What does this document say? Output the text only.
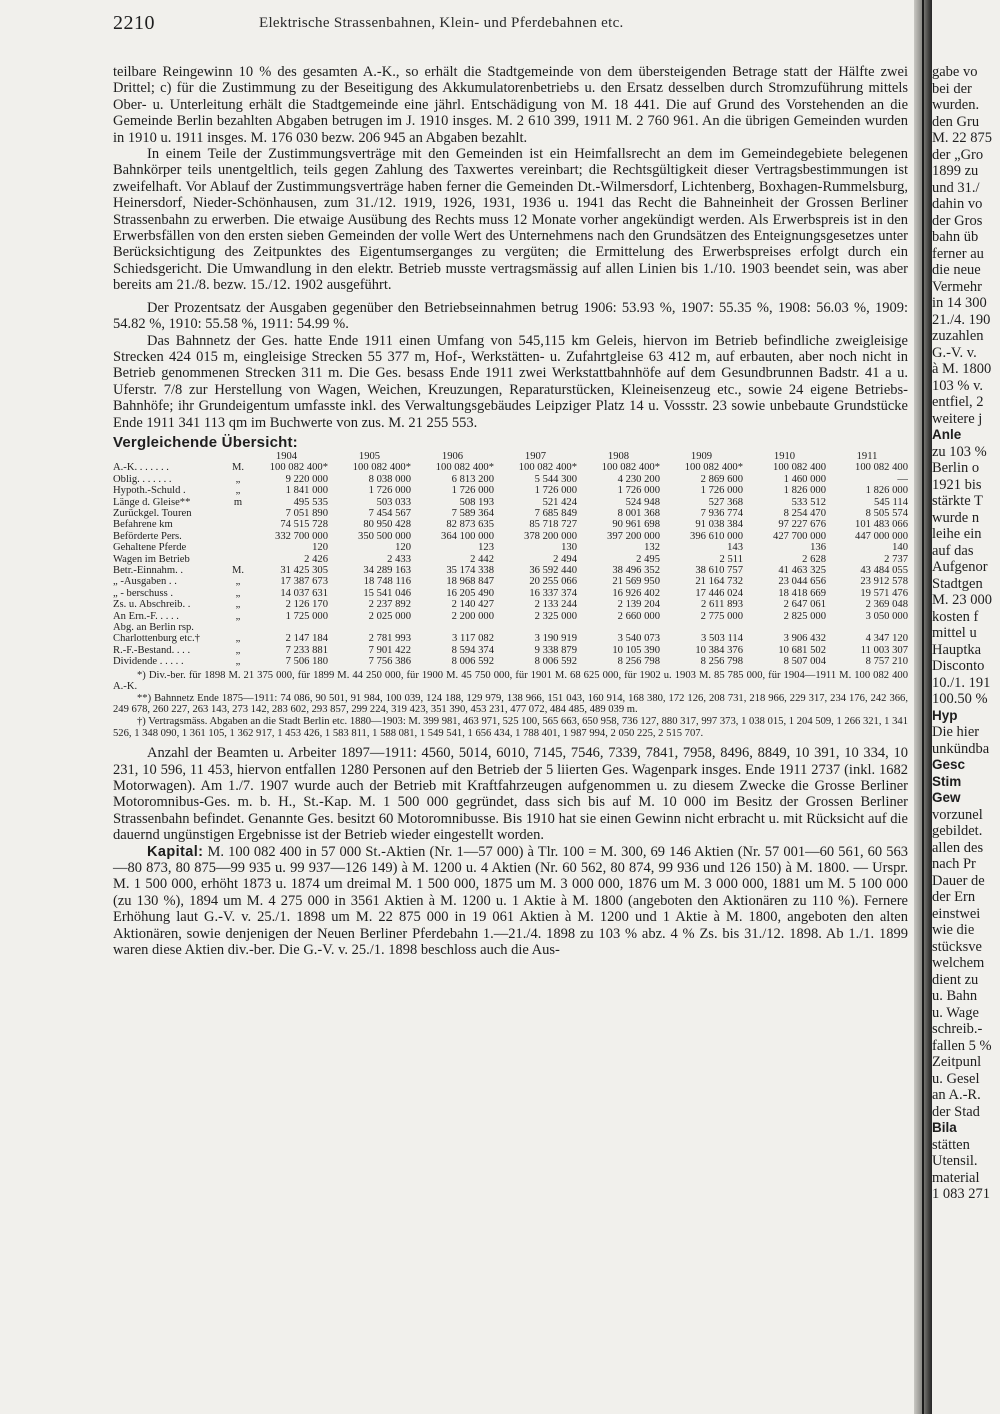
2210	Elektrische Strassenbahnen, Klein- und Pferdebahnen etc.

teilbare Reingewinn 10 % des gesamten A.-K., so erhält die Stadtgemeinde von dem übersteigenden Betrage statt der Hälfte zwei Drittel; c) für die Zustimmung zu der Beseitigung des Akkumulatorenbetriebs u. den Ersatz desselben durch Stromzuführung mittels Ober- u. Unterleitung erhält die Stadtgemeinde eine jährl. Entschädigung von M. 18 441. Die auf Grund des Vorstehenden an die Gemeinde Berlin bezahlten Abgaben betrugen im J. 1910 insges. M. 2 610 399, 1911 M. 2 760 961. An die übrigen Gemeinden wurden in 1910 u. 1911 insges. M. 176 030 bezw. 206 945 an Abgaben bezahlt.

In einem Teile der Zustimmungsverträge mit den Gemeinden ist ein Heimfallsrecht an dem im Gemeindegebiete belegenen Bahnkörper teils unentgeltlich, teils gegen Zahlung des Taxwertes vereinbart; die Rechtsgültigkeit dieser Vertragsbestimmungen ist zweifelhaft. Vor Ablauf der Zustimmungsverträge haben ferner die Gemeinden Dt.-Wilmersdorf, Lichtenberg, Boxhagen-Rummelsburg, Heinersdorf, Nieder-Schönhausen, zum 31./12. 1919, 1926, 1931, 1936 u. 1941 das Recht die Bahneinheit der Grossen Berliner Strassenbahn zu erwerben. Die etwaige Ausübung des Rechts muss 12 Monate vorher angekündigt werden. Als Erwerbspreis ist in den Erwerbsfällen von den ersten sieben Gemeinden der volle Wert des Unternehmens nach den Grundsätzen des Enteignungsgesetzes unter Berücksichtigung des Zeitpunktes des Eigentumserganges zu vergüten; die Ermittelung des Erwerbspreises erfolgt durch ein Schiedsgericht. Die Umwandlung in den elektr. Betrieb musste vertragsmässig auf allen Linien bis 1./10. 1903 beendet sein, was aber bereits am 21./8. bezw. 15./12. 1902 ausgeführt.

Der Prozentsatz der Ausgaben gegenüber den Betriebseinnahmen betrug 1906: 53.93 %, 1907: 55.35 %, 1908: 56.03 %, 1909: 54.82 %, 1910: 55.58 %, 1911: 54.99 %.

Das Bahnnetz der Ges. hatte Ende 1911 einen Umfang von 545,115 km Geleis, hiervon im Betrieb befindliche zweigleisige Strecken 424 015 m, eingleisige Strecken 55 377 m, Hof-, Werkstätten- u. Zufahrtgleise 63 412 m, auf erbauten, aber noch nicht in Betrieb genommenen Strecken 311 m. Die Ges. besass Ende 1911 zwei Werkstattbahnhöfe auf dem Gesundbrunnen Badstr. 41 a u. Uferstr. 7/8 zur Herstellung von Wagen, Weichen, Kreuzungen, Reparaturstücken, Kleineisenzeug etc., sowie 24 eigene Betriebs-Bahnhöfe; ihr Grundeigentum umfasste inkl. des Verwaltungsgebäudes Leipziger Platz 14 u. Vossstr. 23 sowie unbebaute Grundstücke Ende 1911 341 113 qm im Buchwerte von zus. M. 21 255 553.

Vergleichende Übersicht:
		1904	1905	1906	1907	1908	1909	1910	1911
A.-K. . . . . . .	M.	100 082 400*	100 082 400*	100 082 400*	100 082 400*	100 082 400*	100 082 400*	100 082 400	100 082 400
Oblig. . . . . . .	„	9 220 000	8 038 000	6 813 200	5 544 300	4 230 200	2 869 600	1 460 000	—
Hypoth.-Schuld .	„	1 841 000	1 726 000	1 726 000	1 726 000	1 726 000	1 726 000	1 826 000	1 826 000
Länge d. Gleise**	m	495 535	503 033	508 193	521 424	524 948	527 368	533 512	545 114
Zurückgel. Touren		7 051 890	7 454 567	7 589 364	7 685 849	8 001 368	7 936 774	8 254 470	8 505 574
Befahrene km		74 515 728	80 950 428	82 873 635	85 718 727	90 961 698	91 038 384	97 227 676	101 483 066
Beförderte Pers.		332 700 000	350 500 000	364 100 000	378 200 000	397 200 000	396 610 000	427 700 000	447 000 000
Gehaltene Pferde		120	120	123	130	132	143	136	140
Wagen im Betrieb		2 426	2 433	2 442	2 494	2 495	2 511	2 628	2 737
Betr.-Einnahm. .	M.	31 425 305	34 289 163	35 174 338	36 592 440	38 496 352	38 610 757	41 463 325	43 484 055
„ -Ausgaben . .	„	17 387 673	18 748 116	18 968 847	20 255 066	21 569 950	21 164 732	23 044 656	23 912 578
„ - berschuss .	„	14 037 631	15 541 046	16 205 490	16 337 374	16 926 402	17 446 024	18 418 669	19 571 476
Zs. u. Abschreib. .	„	2 126 170	2 237 892	2 140 427	2 133 244	2 139 204	2 611 893	2 647 061	2 369 048
An Ern.-F. . . . .	„	1 725 000	2 025 000	2 200 000	2 325 000	2 660 000	2 775 000	2 825 000	3 050 000
Abg. an Berlin rsp.									
Charlottenburg etc.†	„	2 147 184	2 781 993	3 117 082	3 190 919	3 540 073	3 503 114	3 906 432	4 347 120
R.-F.-Bestand. . . .	„	7 233 881	7 901 422	8 594 374	9 338 879	10 105 390	10 384 376	10 681 502	11 003 307
Dividende . . . . .	„	7 506 180	7 756 386	8 006 592	8 006 592	8 256 798	8 256 798	8 507 004	8 757 210

*) Div.-ber. für 1898 M. 21 375 000, für 1899 M. 44 250 000, für 1900 M. 45 750 000, für 1901 M. 68 625 000, für 1902 u. 1903 M. 85 785 000, für 1904—1911 M. 100 082 400 A.-K.

**) Bahnnetz Ende 1875—1911: 74 086, 90 501, 91 984, 100 039, 124 188, 129 979, 138 966, 151 043, 160 914, 168 380, 172 126, 208 731, 218 966, 229 317, 234 176, 242 366, 249 678, 260 227, 263 143, 273 142, 283 602, 293 857, 299 224, 319 423, 351 390, 453 231, 477 072, 484 485, 489 039 m.

†) Vertragsmäss. Abgaben an die Stadt Berlin etc. 1880—1903: M. 399 981, 463 971, 525 100, 565 663, 650 958, 736 127, 880 317, 997 373, 1 038 015, 1 204 509, 1 266 321, 1 341 526, 1 348 090, 1 361 105, 1 362 917, 1 453 426, 1 583 811, 1 588 081, 1 549 541, 1 656 434, 1 788 401, 1 987 994, 2 050 225, 2 515 707.

Anzahl der Beamten u. Arbeiter 1897—1911: 4560, 5014, 6010, 7145, 7546, 7339, 7841, 7958, 8496, 8849, 10 391, 10 334, 10 231, 10 596, 11 453, hiervon entfallen 1280 Personen auf den Betrieb der 5 liierten Ges. Wagenpark insges. Ende 1911 2737 (inkl. 1682 Motorwagen). Am 1./7. 1907 wurde auch der Betrieb mit Kraftfahrzeugen aufgenommen u. zu diesem Zwecke die Grosse Berliner Motoromnibus-Ges. m. b. H., St.-Kap. M. 1 500 000 gegründet, dass sich bis auf M. 10 000 im Besitz der Grossen Berliner Strassenbahn befindet. Genannte Ges. besitzt 60 Motoromnibusse. Bis 1910 hat sie einen Gewinn nicht erbracht u. mit Rücksicht auf die dauernd ungünstigen Ergebnisse ist der Betrieb wieder eingestellt worden.

Kapital: M. 100 082 400 in 57 000 St.-Aktien (Nr. 1—57 000) à Tlr. 100 = M. 300, 69 146 Aktien (Nr. 57 001—60 561, 60 563—80 873, 80 875—99 935 u. 99 937—126 149) à M. 1200 u. 4 Aktien (Nr. 60 562, 80 874, 99 936 und 126 150) à M. 1800. — Urspr. M. 1 500 000, erhöht 1873 u. 1874 um dreimal M. 1 500 000, 1875 um M. 3 000 000, 1876 um M. 3 000 000, 1881 um M. 5 100 000 (zu 130 %), 1894 um M. 4 275 000 in 3561 Aktien à M. 1200 u. 1 Aktie à M. 1800 (angeboten den Aktionären zu 110 %). Fernere Erhöhung laut G.-V. v. 25./1. 1898 um M. 22 875 000 in 19 061 Aktien à M. 1200 und 1 Aktie à M. 1800, angeboten den alten Aktionären, sowie denjenigen der Neuen Berliner Pferdebahn 1.—21./4. 1898 zu 103 % abz. 4 % Zs. bis 31./12. 1898. Ab 1./1. 1899 waren diese Aktien div.-ber. Die G.-V. v. 25./1. 1898 beschloss auch die Aus-

gabe vo
bei der
wurden.
den Gru
M. 22 875
der „Gro
1899 zu
und 31./
dahin vo
der Gros
bahn üb
ferner au
die neue
Vermehr
in 14 300
21./4. 190
zuzahlen
G.-V. v.
à M. 1800
103 % v.
entfiel, 2
weitere j
Anle
zu 103 %
Berlin o
1921 bis
stärkte T
wurde n
leihe ein
auf das
Aufgenor
Stadtgen
M. 23 000
kosten f
mittel u
Hauptka
Disconto
10./1. 191
100.50 %
Hyp
Die hier
unkündba
Gesc
Stim
Gew
vorzunel
gebildet.
allen des
nach Pr
Dauer de
der Ern
einstwei
wie die
stücksve
welchem
dient zu
u. Bahn
u. Wage
schreib.-
fallen 5 %
Zeitpunl
u. Gesel
an A.-R.
der Stad
Bila
stätten
Utensil.
material
1 083 271
